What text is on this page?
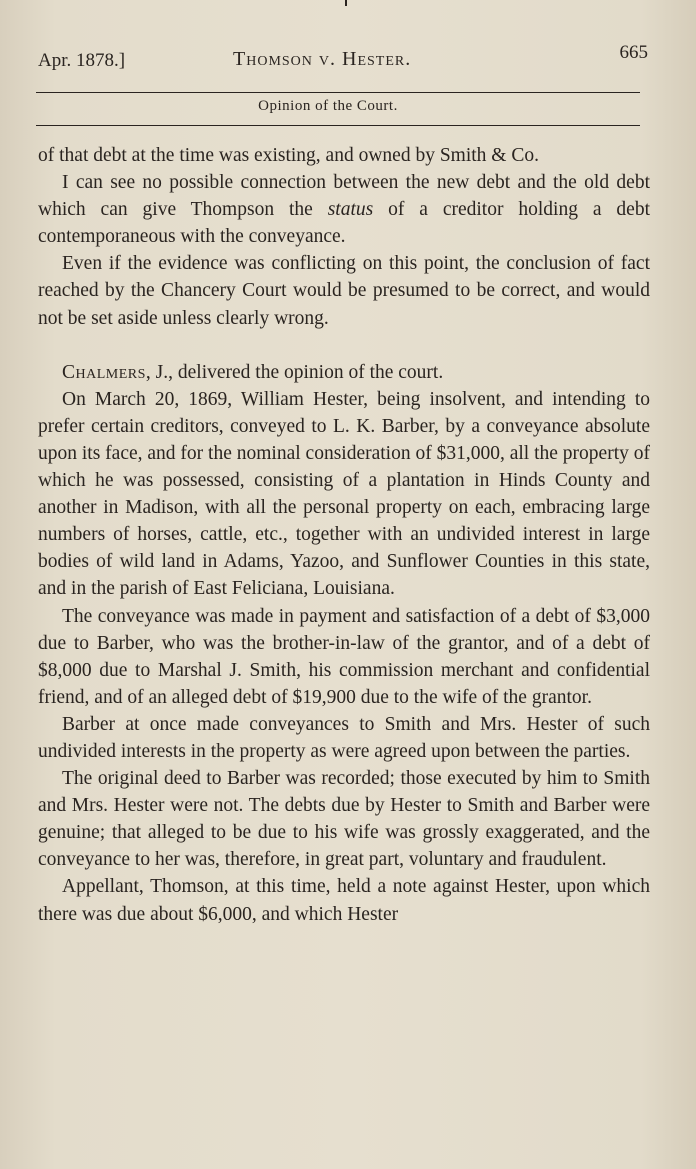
Apr. 1878.]	Thomson v. Hester.	665
Opinion of the Court.

of that debt at the time was existing, and owned by Smith & Co.

I can see no possible connection between the new debt and the old debt which can give Thompson the status of a creditor holding a debt contemporaneous with the conveyance.

Even if the evidence was conflicting on this point, the conclusion of fact reached by the Chancery Court would be presumed to be correct, and would not be set aside unless clearly wrong.

Chalmers, J., delivered the opinion of the court.

On March 20, 1869, William Hester, being insolvent, and intending to prefer certain creditors, conveyed to L. K. Barber, by a conveyance absolute upon its face, and for the nominal consideration of $31,000, all the property of which he was possessed, consisting of a plantation in Hinds County and another in Madison, with all the personal property on each, embracing large numbers of horses, cattle, etc., together with an undivided interest in large bodies of wild land in Adams, Yazoo, and Sunflower Counties in this state, and in the parish of East Feliciana, Louisiana.

The conveyance was made in payment and satisfaction of a debt of $3,000 due to Barber, who was the brother-in-law of the grantor, and of a debt of $8,000 due to Marshal J. Smith, his commission merchant and confidential friend, and of an alleged debt of $19,900 due to the wife of the grantor.

Barber at once made conveyances to Smith and Mrs. Hester of such undivided interests in the property as were agreed upon between the parties.

The original deed to Barber was recorded; those executed by him to Smith and Mrs. Hester were not. The debts due by Hester to Smith and Barber were genuine; that alleged to be due to his wife was grossly exaggerated, and the conveyance to her was, therefore, in great part, voluntary and fraudulent.

Appellant, Thomson, at this time, held a note against Hester, upon which there was due about $6,000, and which Hester
